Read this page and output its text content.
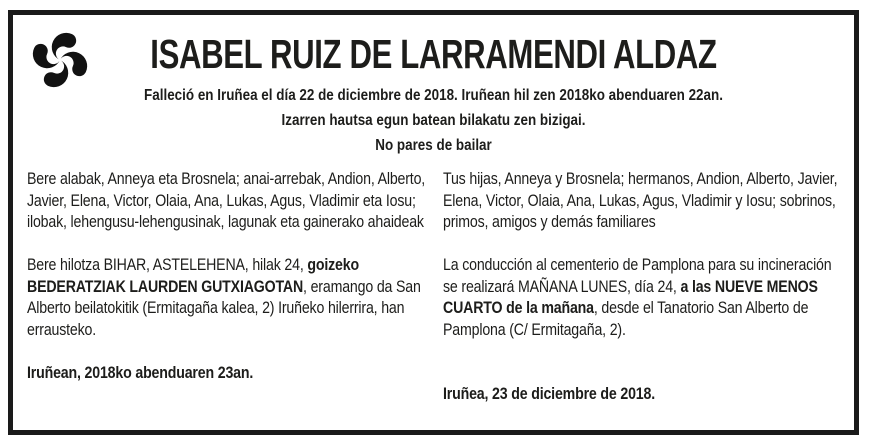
ISABEL RUIZ DE LARRAMENDI ALDAZ

Falleció en Iruñea el día 22 de diciembre de 2018. Iruñean hil zen 2018ko abenduaren 22an.

Izarren hautsa egun batean bilakatu zen bizigai.

No pares de bailar

Bere alabak, Anneya eta Brosnela; anai-arrebak, Andion, Alberto, Javier, Elena, Victor, Olaia, Ana, Lukas, Agus, Vladimir eta Iosu; ilobak, lehengusu-lehengusinak, lagunak eta gainerako ahaideak

Bere hilotza BIHAR, ASTELEHENA, hilak 24, goizeko BEDERATZIAK LAURDEN GUTXIAGOTAN, eramango da San Alberto beilatokitik (Ermitagaña kalea, 2) Iruñeko hilerrira, han errausteko.

Iruñean, 2018ko abenduaren 23an.

Tus hijas, Anneya y Brosnela; hermanos, Andion, Alberto, Javier, Elena, Victor, Olaia, Ana, Lukas, Agus, Vladimir y Iosu; sobrinos, primos, amigos y demás familiares

La conducción al cementerio de Pamplona para su incineración se realizará MAÑANA LUNES, día 24, a las NUEVE MENOS CUARTO de la mañana, desde el Tanatorio San Alberto de Pamplona (C/ Ermitagaña, 2).

Iruñea, 23 de diciembre de 2018.
